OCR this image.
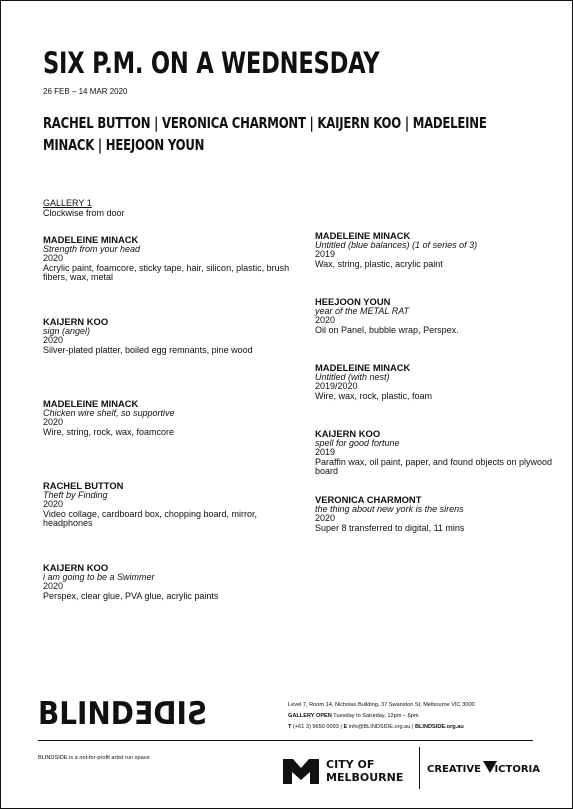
SIX P.M. ON A WEDNESDAY
26 FEB – 14 MAR 2020
RACHEL BUTTON | VERONICA CHARMONT | KAIJERN KOO | MADELEINE MINACK | HEEJOON YOUN
GALLERY 1
Clockwise from door
MADELEINE MINACK
Strength from your head
2020
Acrylic paint, foamcore, sticky tape, hair, silicon, plastic, brush fibers, wax, metal
KAIJERN KOO
sign (angel)
2020
Silver-plated platter, boiled egg remnants, pine wood
MADELEINE MINACK
Chicken wire shelf, so supportive
2020
Wire, string, rock, wax, foamcore
RACHEL BUTTON
Theft by Finding
2020
Video collage, cardboard box, chopping board, mirror, headphones
KAIJERN KOO
i am going to be a Swimmer
2020
Perspex, clear glue, PVA glue, acrylic paints
MADELEINE MINACK
Untitled (blue balances) (1 of series of 3)
2019
Wax, string, plastic, acrylic paint
HEEJOON YOUN
year of the METAL RAT
2020
Oil on Panel, bubble wrap, Perspex.
MADELEINE MINACK
Untitled (with nest)
2019/2020
Wire, wax, rock, plastic, foam
KAIJERN KOO
spell for good fortune
2019
Paraffin wax, oil paint, paper, and found objects on plywood board
VERONICA CHARMONT
the thing about new york is the sirens
2020
Super 8 transferred to digital, 11 mins
BLINDSIDE	Level 7, Room 14, Nicholas Building, 37 Swanston St, Melbourne VIC 3000
GALLERY OPEN Tuesday to Saturday, 12pm – 6pm
T (+61 3) 9650 0093 | E info@BLINDSIDE.org.au | BLINDSIDE.org.au
BLINDSIDE is a not-for-profit artist run space.	CITY OF
MELBOURNE
CREATIVE ICTORIA
